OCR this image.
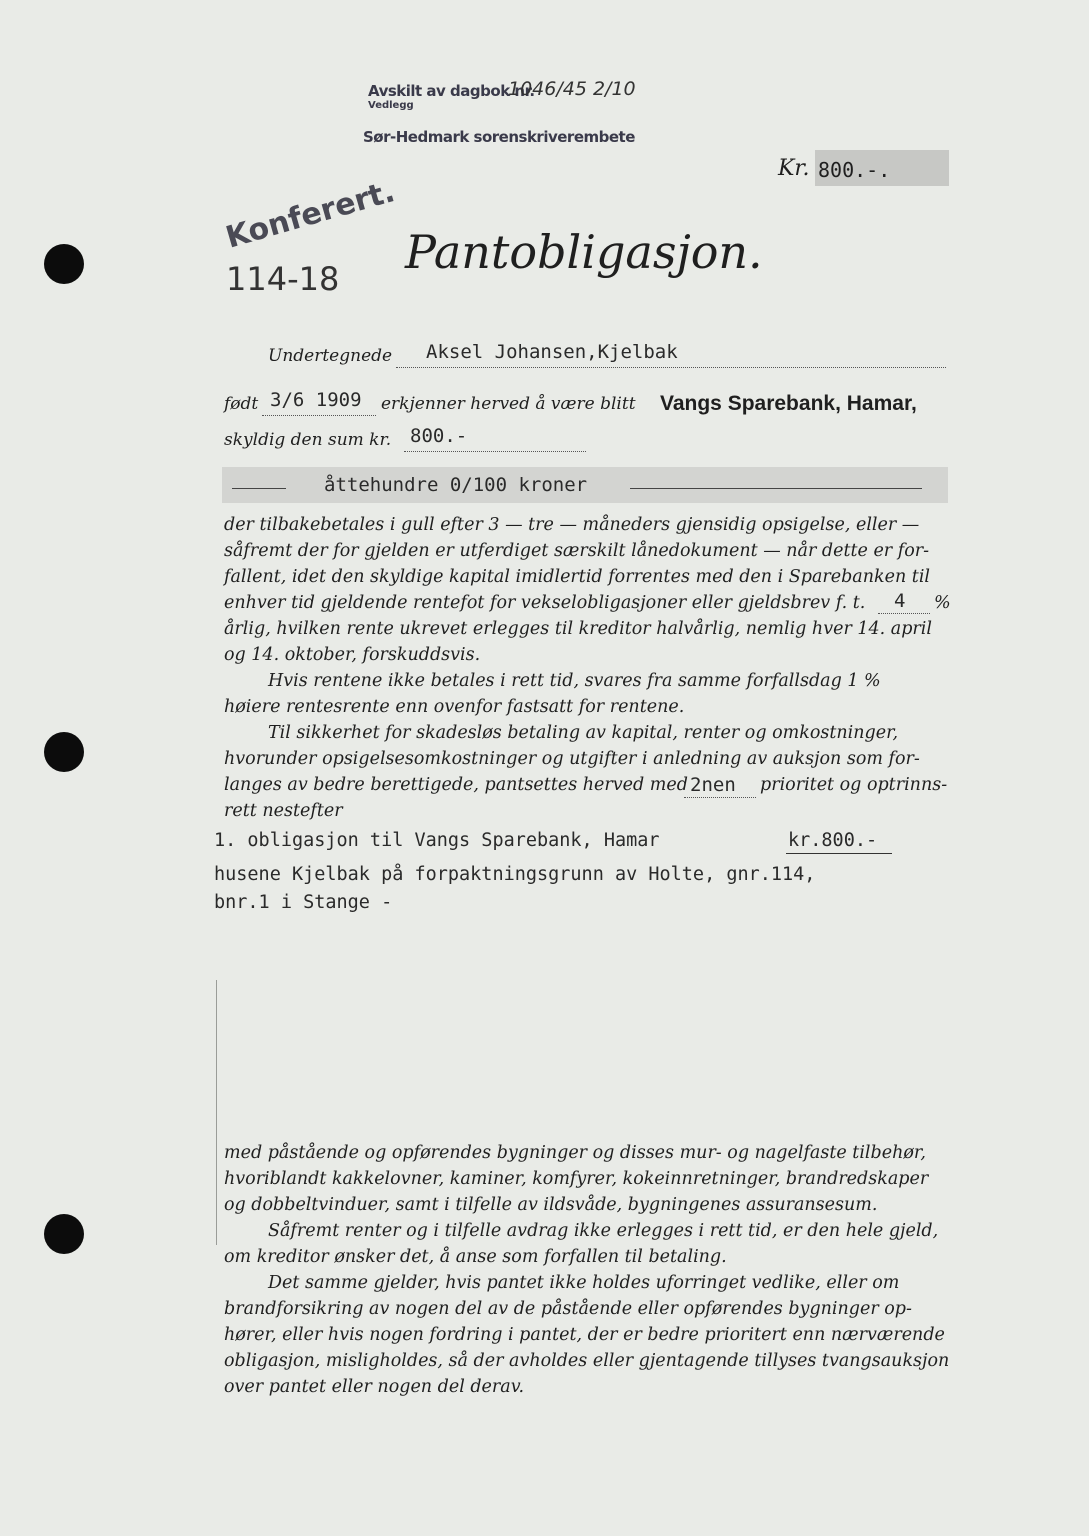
Avskilt av dagbok nr.
Vedlegg
Sør-Hedmark sorenskriverembete
1046/45 2/10
Kr. 800.-.
Konferert.
114-18 Pantobligasjon.
Undertegnede Aksel Johansen,Kjelbak
født 3/6 1909 erkjenner herved å være blitt Vangs Sparebank, Hamar,
skyldig den sum kr. 800.-
åttehundre 0/100 kroner
der tilbakebetales i gull efter 3 — tre — måneders gjensidig opsigelse, eller —
såfremt der for gjelden er utferdiget særskilt lånedokument — når dette er for-
fallent, idet den skyldige kapital imidlertid forrentes med den i Sparebanken til
enhver tid gjeldende rentefot for vekselobligasjoner eller gjeldsbrev f. t. 4 %
årlig, hvilken rente ukrevet erlegges til kreditor halvårlig, nemlig hver 14. april
og 14. oktober, forskuddsvis.
Hvis rentene ikke betales i rett tid, svares fra samme forfallsdag 1 %
høiere rentesrente enn ovenfor fastsatt for rentene.
Til sikkerhet for skadesløs betaling av kapital, renter og omkostninger,
hvorunder opsigelsesomkostninger og utgifter i anledning av auksjon som for-
langes av bedre berettigede, pantsettes herved med 2nen prioritet og optrinns-
rett nestefter
1. obligasjon til Vangs Sparebank, Hamar	kr.800.-
husene Kjelbak på forpaktningsgrunn av Holte, gnr.114,
bnr.1 i Stange -
med påstående og opførendes bygninger og disses mur- og nagelfaste tilbehør,
hvoriblandt kakkelovner, kaminer, komfyrer, kokeinnretninger, brandredskaper
og dobbeltvinduer, samt i tilfelle av ildsvåde, bygningenes assuransesum.
Såfremt renter og i tilfelle avdrag ikke erlegges i rett tid, er den hele gjeld,
om kreditor ønsker det, å anse som forfallen til betaling.
Det samme gjelder, hvis pantet ikke holdes uforringet vedlike, eller om
brandforsikring av nogen del av de påstående eller opførendes bygninger op-
hører, eller hvis nogen fordring i pantet, der er bedre prioritert enn nærværende
obligasjon, misligholdes, så der avholdes eller gjentagende tillyses tvangsauksjon
over pantet eller nogen del derav.
